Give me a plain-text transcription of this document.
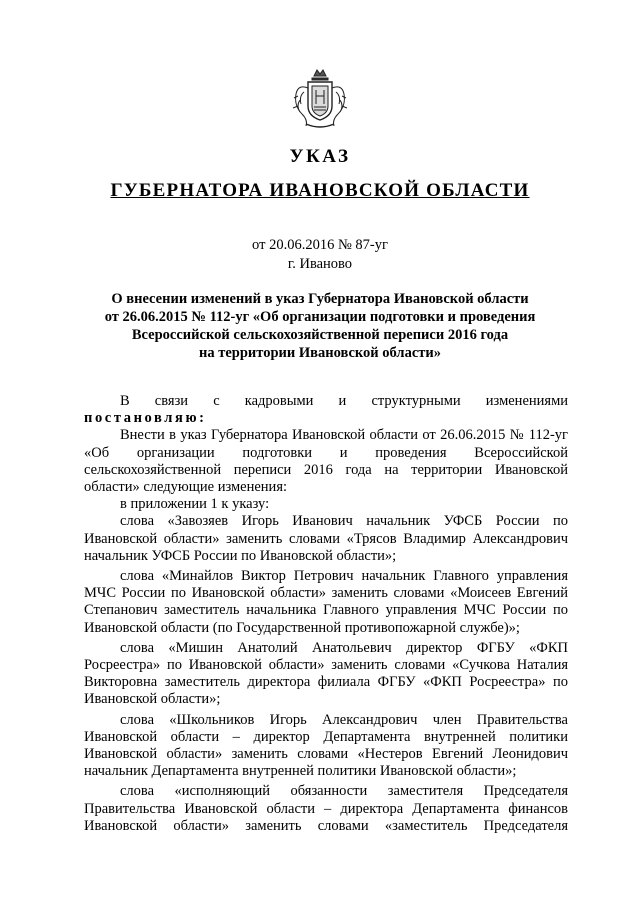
УКАЗ
ГУБЕРНАТОРА ИВАНОВСКОЙ ОБЛАСТИ
от 20.06.2016 № 87-уг
г. Иваново
О внесении изменений в указ Губернатора Ивановской области
от 26.06.2015 № 112-уг «Об организации подготовки и проведения
Всероссийской сельскохозяйственной переписи 2016 года
на территории Ивановской области»

В связи с кадровыми и структурными изменениями

постановляю:

Внести в указ Губернатора Ивановской области от 26.06.2015 № 112-уг «Об организации подготовки и проведения Всероссийской сельскохозяйственной переписи 2016 года на территории Ивановской области» следующие изменения:

в приложении 1 к указу:

слова «Завозяев Игорь Иванович начальник УФСБ России по Ивановской области» заменить словами «Трясов Владимир Александрович начальник УФСБ России по Ивановской области»;

слова «Минайлов Виктор Петрович начальник Главного управления МЧС России по Ивановской области» заменить словами «Моисеев Евгений Степанович заместитель начальника Главного управления МЧС России по Ивановской области (по Государственной противопожарной службе)»;

слова «Мишин Анатолий Анатольевич директор ФГБУ «ФКП Росреестра» по Ивановской области» заменить словами «Сучкова Наталия Викторовна заместитель директора филиала ФГБУ «ФКП Росреестра» по Ивановской области»;

слова «Школьников Игорь Александрович член Правительства Ивановской области – директор Департамента внутренней политики Ивановской области» заменить словами «Нестеров Евгений Леонидович начальник Департамента внутренней политики Ивановской области»;

слова «исполняющий обязанности заместителя Председателя Правительства Ивановской области – директора Департамента финансов Ивановской области» заменить словами «заместитель Председателя
